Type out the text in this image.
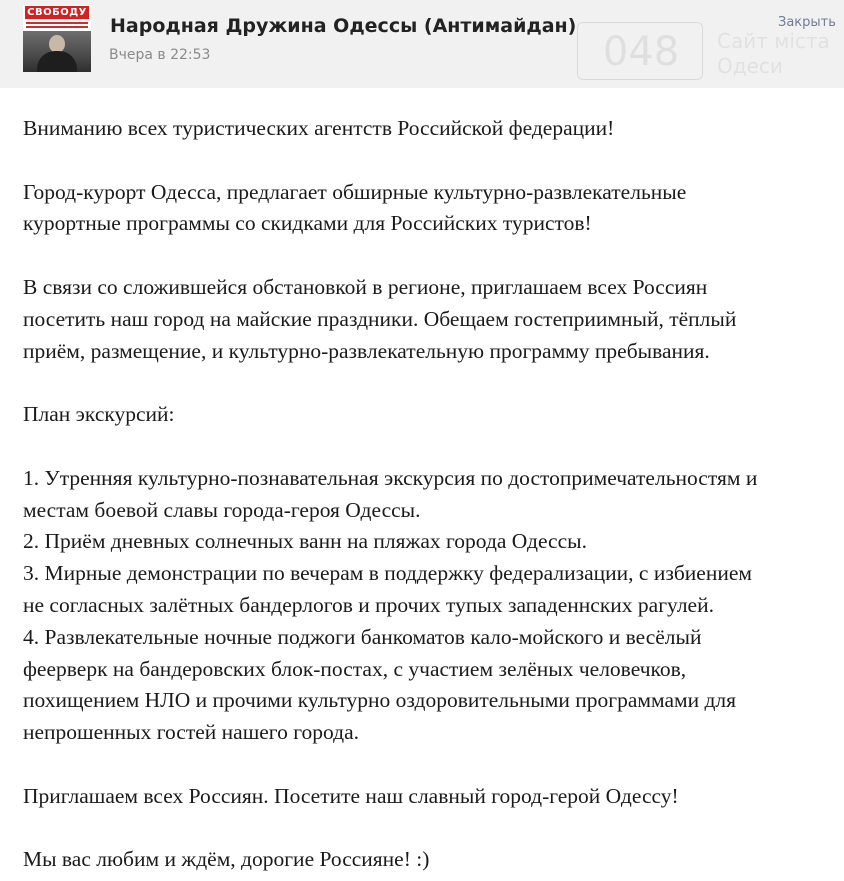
СВОБОДУ
Народная Дружина Одессы (Антимайдан)
Вчера в 22:53	048	Сайт міста
Одеси
Закрыть

Вниманию всех туристических агентств Российской федерации!

Город-курорт Одесса, предлагает обширные культурно-развлекательные

курортные программы со скидками для Российских туристов!

В связи со сложившейся обстановкой в регионе, приглашаем всех Россиян

посетить наш город на майские праздники. Обещаем гостеприимный, тёплый

приём, размещение, и культурно-развлекательную программу пребывания.

План экскурсий:

1. Утренняя культурно-познавательная экскурсия по достопримечательностям и

местам боевой славы города-героя Одессы.

2. Приём дневных солнечных ванн на пляжах города Одессы.

3. Мирные демонстрации по вечерам в поддержку федерализации, с избиением

не согласных залётных бандерлогов и прочих тупых западеннских рагулей.

4. Развлекательные ночные поджоги банкоматов кало-мойского и весёлый

феерверк на бандеровских блок-постах, с участием зелёных человечков,

похищением НЛО и прочими культурно оздоровительными программами для

непрошенных гостей нашего города.

Приглашаем всех Россиян. Посетите наш славный город-герой Одессу!

Мы вас любим и ждём, дорогие Россияне! :)
